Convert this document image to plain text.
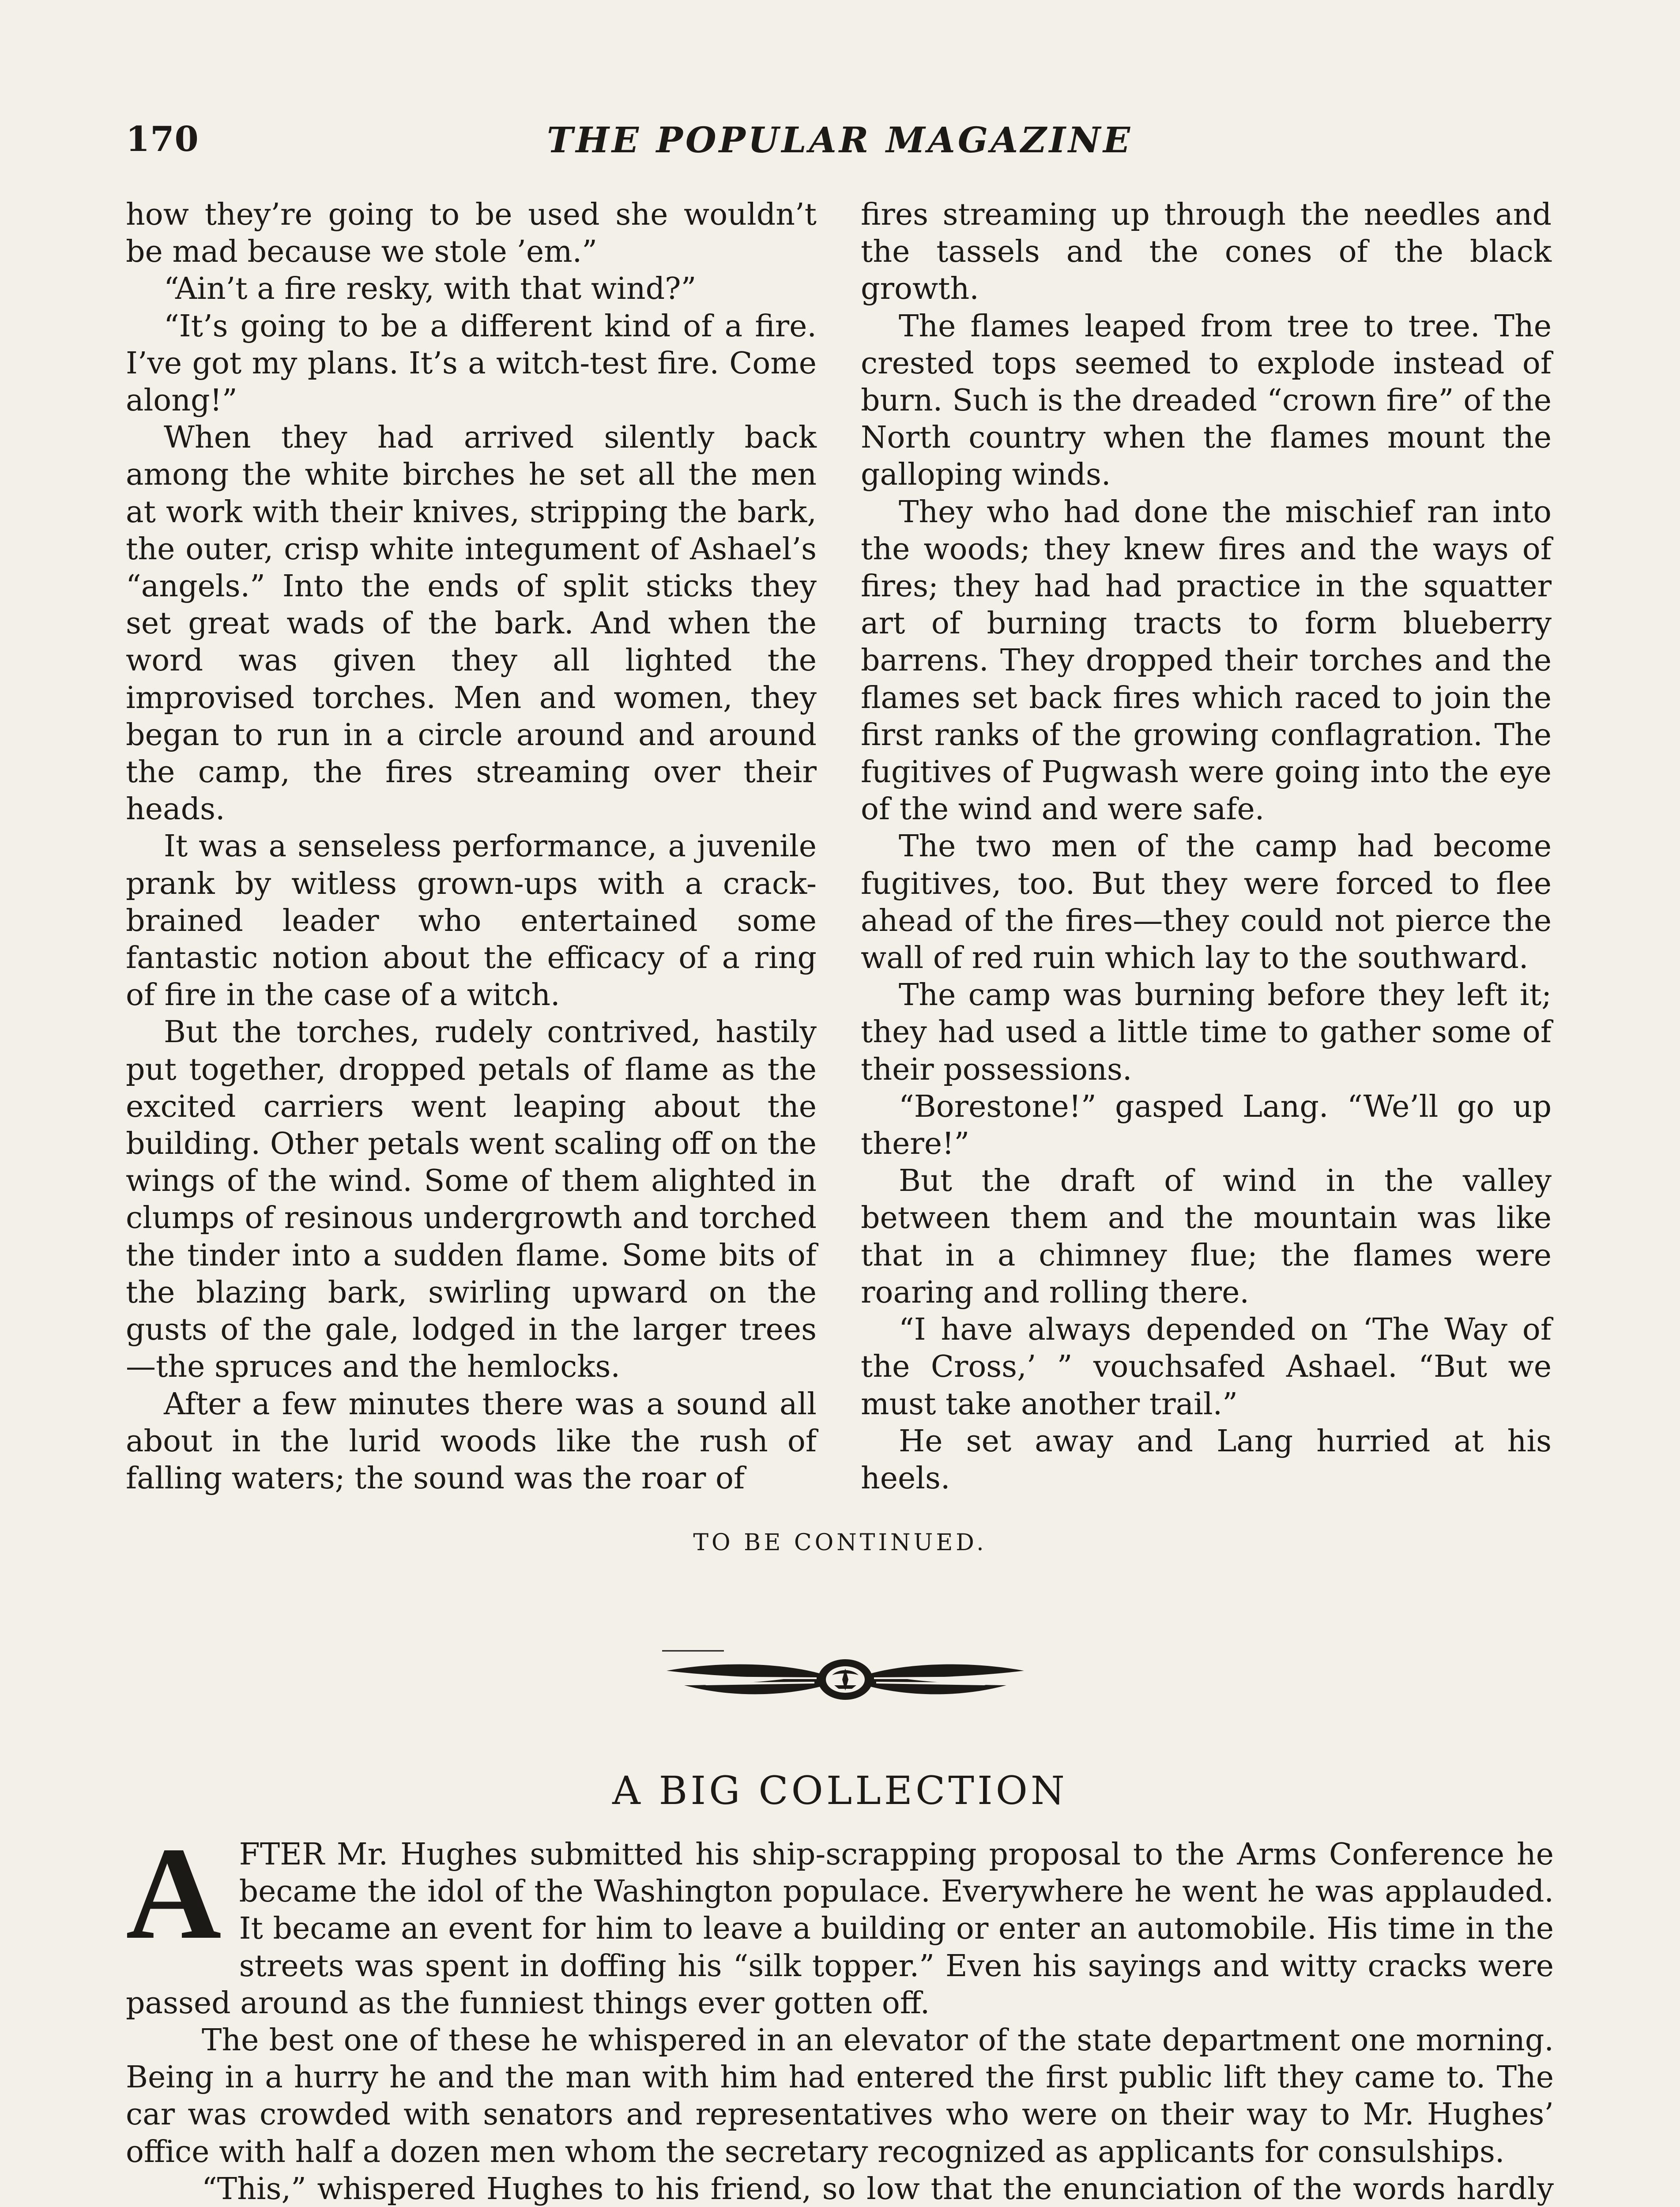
170	THE POPULAR MAGAZINE

how they’re going to be used she wouldn’t be mad because we stole ’em.”

“Ain’t a fire resky, with that wind?”

“It’s going to be a different kind of a fire. I’ve got my plans. It’s a witch-test fire. Come along!”

When they had arrived silently back among the white birches he set all the men at work with their knives, stripping the bark, the outer, crisp white integument of Ashael’s “angels.” Into the ends of split sticks they set great wads of the bark. And when the word was given they all lighted the improvised torches. Men and women, they began to run in a circle around and around the camp, the fires streaming over their heads.

It was a senseless performance, a juvenile prank by witless grown-ups with a crack-brained leader who entertained some fantastic notion about the efficacy of a ring of fire in the case of a witch.

But the torches, rudely contrived, hastily put together, dropped petals of flame as the excited carriers went leaping about the building. Other petals went scaling off on the wings of the wind. Some of them alighted in clumps of resinous undergrowth and torched the tinder into a sudden flame. Some bits of the blazing bark, swirling upward on the gusts of the gale, lodged in the larger trees—the spruces and the hemlocks.

After a few minutes there was a sound all about in the lurid woods like the rush of falling waters; the sound was the roar of

fires streaming up through the needles and the tassels and the cones of the black growth.

The flames leaped from tree to tree. The crested tops seemed to explode instead of burn. Such is the dreaded “crown fire” of the North country when the flames mount the galloping winds.

They who had done the mischief ran into the woods; they knew fires and the ways of fires; they had had practice in the squatter art of burning tracts to form blueberry barrens. They dropped their torches and the flames set back fires which raced to join the first ranks of the growing conflagration. The fugitives of Pugwash were going into the eye of the wind and were safe.

The two men of the camp had become fugitives, too. But they were forced to flee ahead of the fires—they could not pierce the wall of red ruin which lay to the southward.

The camp was burning before they left it; they had used a little time to gather some of their possessions.

“Borestone!” gasped Lang. “We’ll go up there!”

But the draft of wind in the valley between them and the mountain was like that in a chimney flue; the flames were roaring and rolling there.

“I have always depended on ‘The Way of the Cross,’ ” vouchsafed Ashael. “But we must take another trail.”

He set away and Lang hurried at his heels.

TO BE CONTINUED.
A BIG COLLECTION

AFTER Mr. Hughes submitted his ship-scrapping proposal to the Arms Conference he became the idol of the Washington populace. Everywhere he went he was applauded. It became an event for him to leave a building or enter an automobile. His time in the streets was spent in doffing his “silk topper.” Even his sayings and witty cracks were passed around as the funniest things ever gotten off.

The best one of these he whispered in an elevator of the state department one morning. Being in a hurry he and the man with him had entered the first public lift they came to. The car was crowded with senators and representatives who were on their way to Mr. Hughes’ office with half a dozen men whom the secretary recognized as applicants for consulships.

“This,” whispered Hughes to his friend, so low that the enunciation of the words hardly
